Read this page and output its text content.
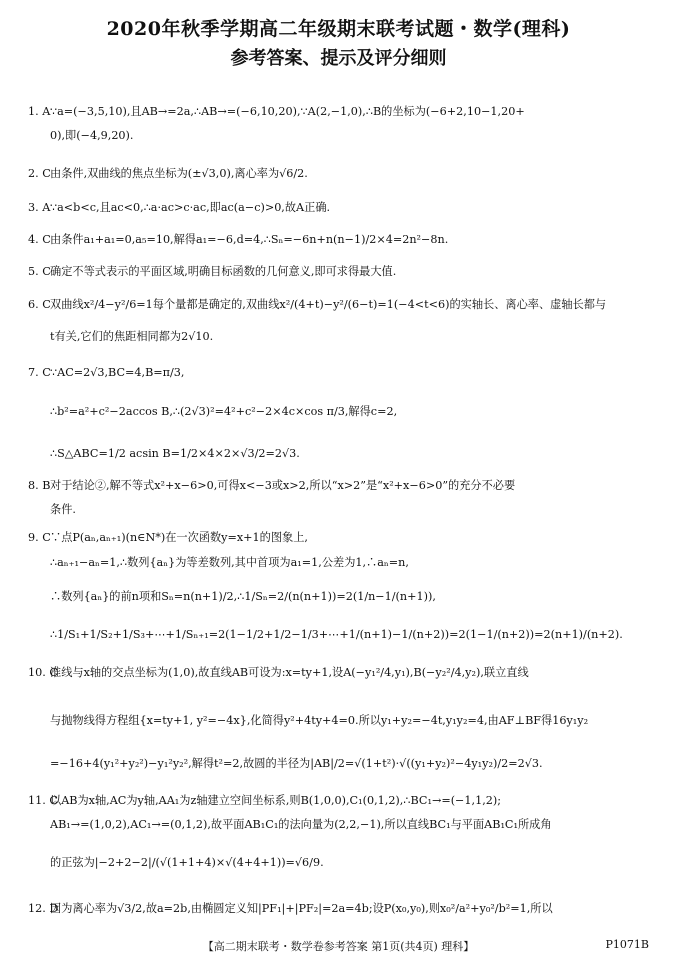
2020年秋季学期高二年级期末联考试题・数学(理科)
参考答案、提示及评分细则
1. A∵a=(−3,5,10),且AB→=2a,∴AB→=(−6,10,20),∵A(2,−1,0),∴B的坐标为(−6+2,10−1,20+
0),即(−4,9,20).
2. C由条件,双曲线的焦点坐标为(±√3,0),离心率为√6/2.
3. A∵a<b<c,且ac<0,∴a·ac>c·ac,即ac(a−c)>0,故A正确.
4. C由条件a₁+a₁=0,a₅=10,解得a₁=−6,d=4,∴Sₙ=−6n+n(n−1)/2×4=2n²−8n.
5. C确定不等式表示的平面区域,明确目标函数的几何意义,即可求得最大值.
6. C双曲线x²/4−y²/6=1每个量都是确定的,双曲线x²/(4+t)−y²/(6−t)=1(−4<t<6)的实轴长、离心率、虚轴长都与
t有关,它们的焦距相同都为2√10.
7. C∵AC=2√3,BC=4,B=π/3,
∴b²=a²+c²−2accos B,∴(2√3)²=4²+c²−2×4c×cos π/3,解得c=2,
∴S△ABC=1/2 acsin B=1/2×4×2×√3/2=2√3.
8. B对于结论②,解不等式x²+x−6>0,可得x<−3或x>2,所以“x>2”是“x²+x−6>0”的充分不必要
条件.
9. C∵点P(aₙ,aₙ₊₁)(n∈N*)在一次函数y=x+1的图象上,
∴aₙ₊₁−aₙ=1,∴数列{aₙ}为等差数列,其中首项为a₁=1,公差为1,∴aₙ=n,
∴数列{aₙ}的前n项和Sₙ=n(n+1)/2,∴1/Sₙ=2/(n(n+1))=2(1/n−1/(n+1)),
∴1/S₁+1/S₂+1/S₃+⋯+1/Sₙ₊₁=2(1−1/2+1/2−1/3+⋯+1/(n+1)−1/(n+2))=2(1−1/(n+2))=2(n+1)/(n+2).
10. C准线与x轴的交点坐标为(1,0),故直线AB可设为:x=ty+1,设A(−y₁²/4,y₁),B(−y₂²/4,y₂),联立直线
与抛物线得方程组{x=ty+1, y²=−4x},化简得y²+4ty+4=0.所以y₁+y₂=−4t,y₁y₂=4,由AF⊥BF得16y₁y₂
=−16+4(y₁²+y₂²)−y₁²y₂²,解得t²=2,故圆的半径为|AB|/2=√(1+t²)·√((y₁+y₂)²−4y₁y₂)/2=2√3.
11. C以AB为x轴,AC为y轴,AA₁为z轴建立空间坐标系,则B(1,0,0),C₁(0,1,2),∴BC₁→=(−1,1,2);
AB₁→=(1,0,2),AC₁→=(0,1,2),故平面AB₁C₁的法向量为(2,2,−1),所以直线BC₁与平面AB₁C₁所成角
的正弦为|−2+2−2|/(√(1+1+4)×√(4+4+1))=√6/9.
12. D因为离心率为√3/2,故a=2b,由椭圆定义知|PF₁|+|PF₂|=2a=4b;设P(x₀,y₀),则x₀²/a²+y₀²/b²=1,所以
【高二期末联考・数学卷参考答案 第1页(共4页) 理科】	P1071B
